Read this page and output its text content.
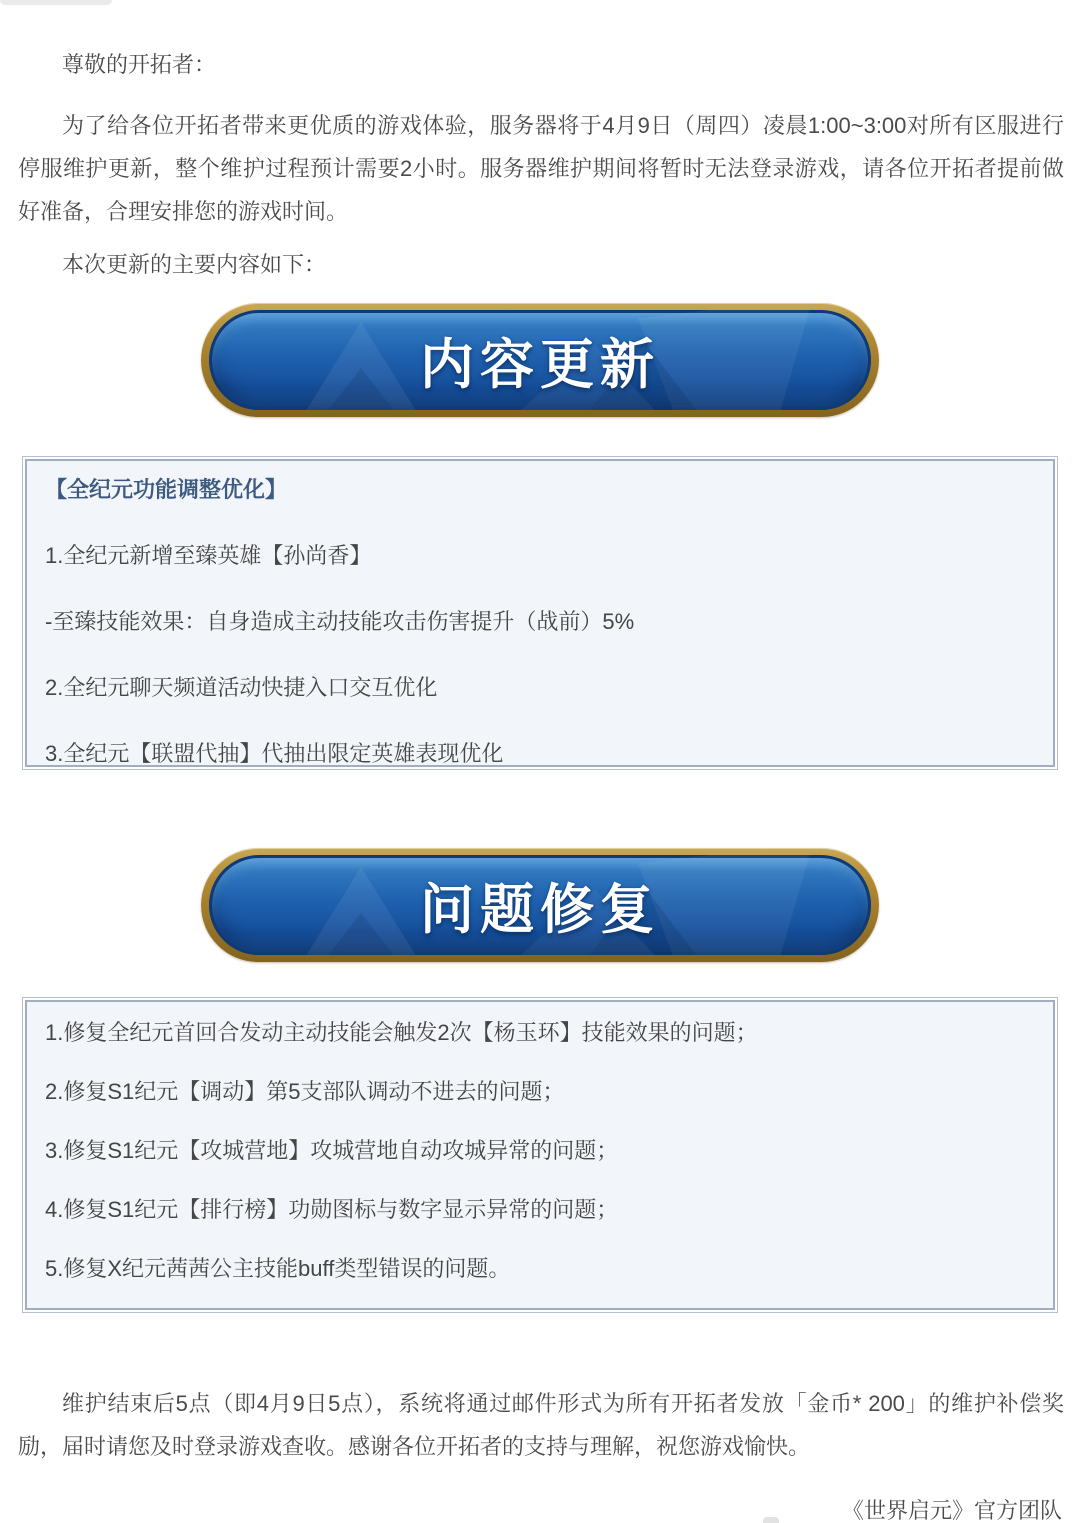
尊敬的开拓者：

为了给各位开拓者带来更优质的游戏体验，服务器将于4月9日（周四）凌晨1:00~3:00对所有区服进行停服维护更新，整个维护过程预计需要2小时。服务器维护期间将暂时无法登录游戏，请各位开拓者提前做好准备，合理安排您的游戏时间。

本次更新的主要内容如下：

内容更新

【全纪元功能调整优化】

1.全纪元新增至臻英雄【孙尚香】

-至臻技能效果：自身造成主动技能攻击伤害提升（战前）5%

2.全纪元聊天频道活动快捷入口交互优化

3.全纪元【联盟代抽】代抽出限定英雄表现优化

问题修复

1.修复全纪元首回合发动主动技能会触发2次【杨玉环】技能效果的问题；

2.修复S1纪元【调动】第5支部队调动不进去的问题；

3.修复S1纪元【攻城营地】攻城营地自动攻城异常的问题；

4.修复S1纪元【排行榜】功勋图标与数字显示异常的问题；

5.修复X纪元茜茜公主技能buff类型错误的问题。

维护结束后5点（即4月9日5点），系统将通过邮件形式为所有开拓者发放「金币* 200」的维护补偿奖励，届时请您及时登录游戏查收。感谢各位开拓者的支持与理解，祝您游戏愉快。

《世界启元》官方团队
